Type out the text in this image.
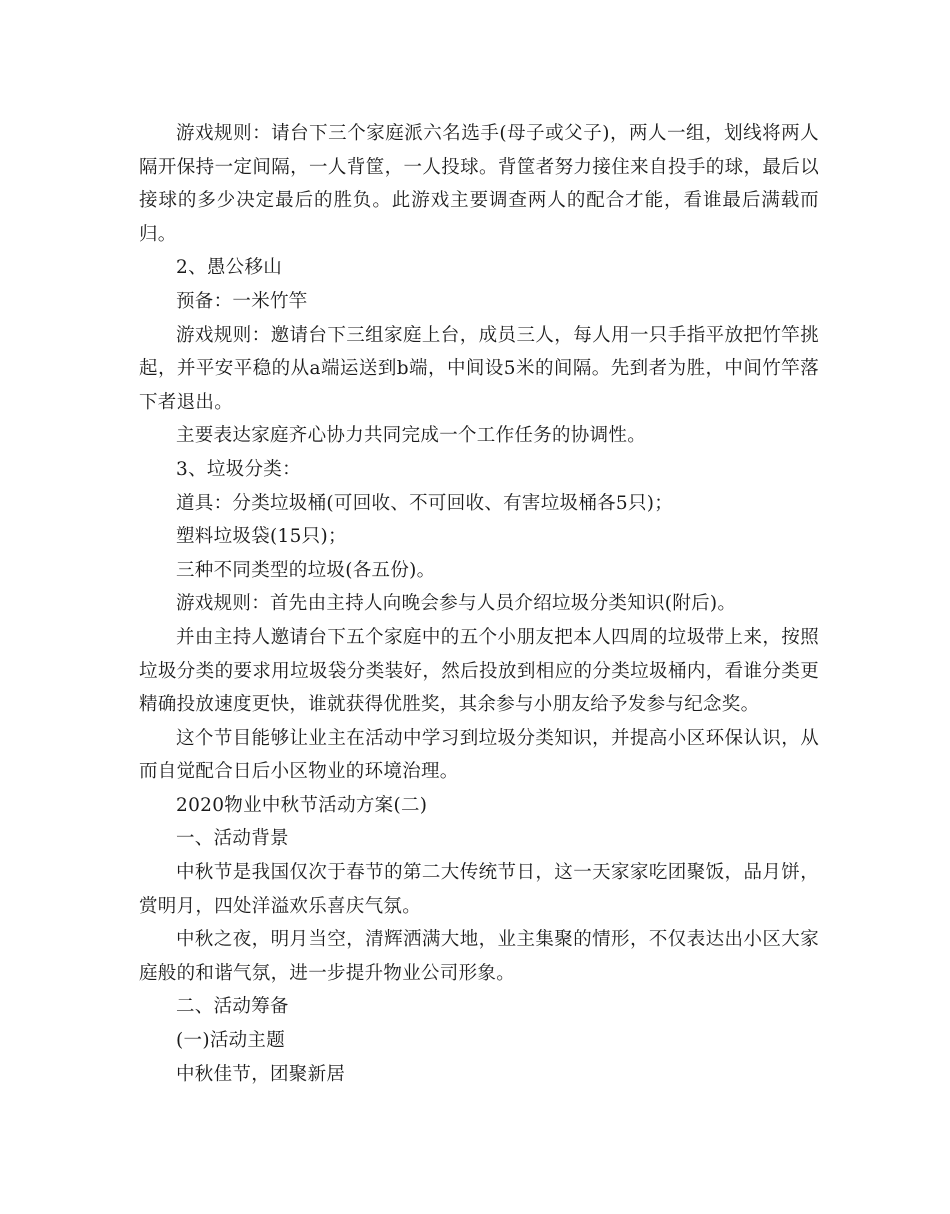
游戏规则：请台下三个家庭派六名选手(母子或父子)，两人一组，划线将两人隔开保持一定间隔，一人背筐，一人投球。背筐者努力接住来自投手的球，最后以接球的多少决定最后的胜负。此游戏主要调查两人的配合才能，看谁最后满载而归。

2、愚公移山

预备：一米竹竿

游戏规则：邀请台下三组家庭上台，成员三人，每人用一只手指平放把竹竿挑起，并平安平稳的从a端运送到b端，中间设5米的间隔。先到者为胜，中间竹竿落下者退出。

主要表达家庭齐心协力共同完成一个工作任务的协调性。

3、垃圾分类：

道具：分类垃圾桶(可回收、不可回收、有害垃圾桶各5只)；

塑料垃圾袋(15只)；

三种不同类型的垃圾(各五份)。

游戏规则：首先由主持人向晚会参与人员介绍垃圾分类知识(附后)。

并由主持人邀请台下五个家庭中的五个小朋友把本人四周的垃圾带上来，按照垃圾分类的要求用垃圾袋分类装好，然后投放到相应的分类垃圾桶内，看谁分类更精确投放速度更快，谁就获得优胜奖，其余参与小朋友给予发参与纪念奖。

这个节目能够让业主在活动中学习到垃圾分类知识，并提高小区环保认识，从而自觉配合日后小区物业的环境治理。

2020物业中秋节活动方案(二)

一、活动背景

中秋节是我国仅次于春节的第二大传统节日，这一天家家吃团聚饭，品月饼，赏明月，四处洋溢欢乐喜庆气氛。

中秋之夜，明月当空，清辉洒满大地，业主集聚的情形，不仅表达出小区大家庭般的和谐气氛，进一步提升物业公司形象。

二、活动筹备

(一)活动主题

中秋佳节，团聚新居
